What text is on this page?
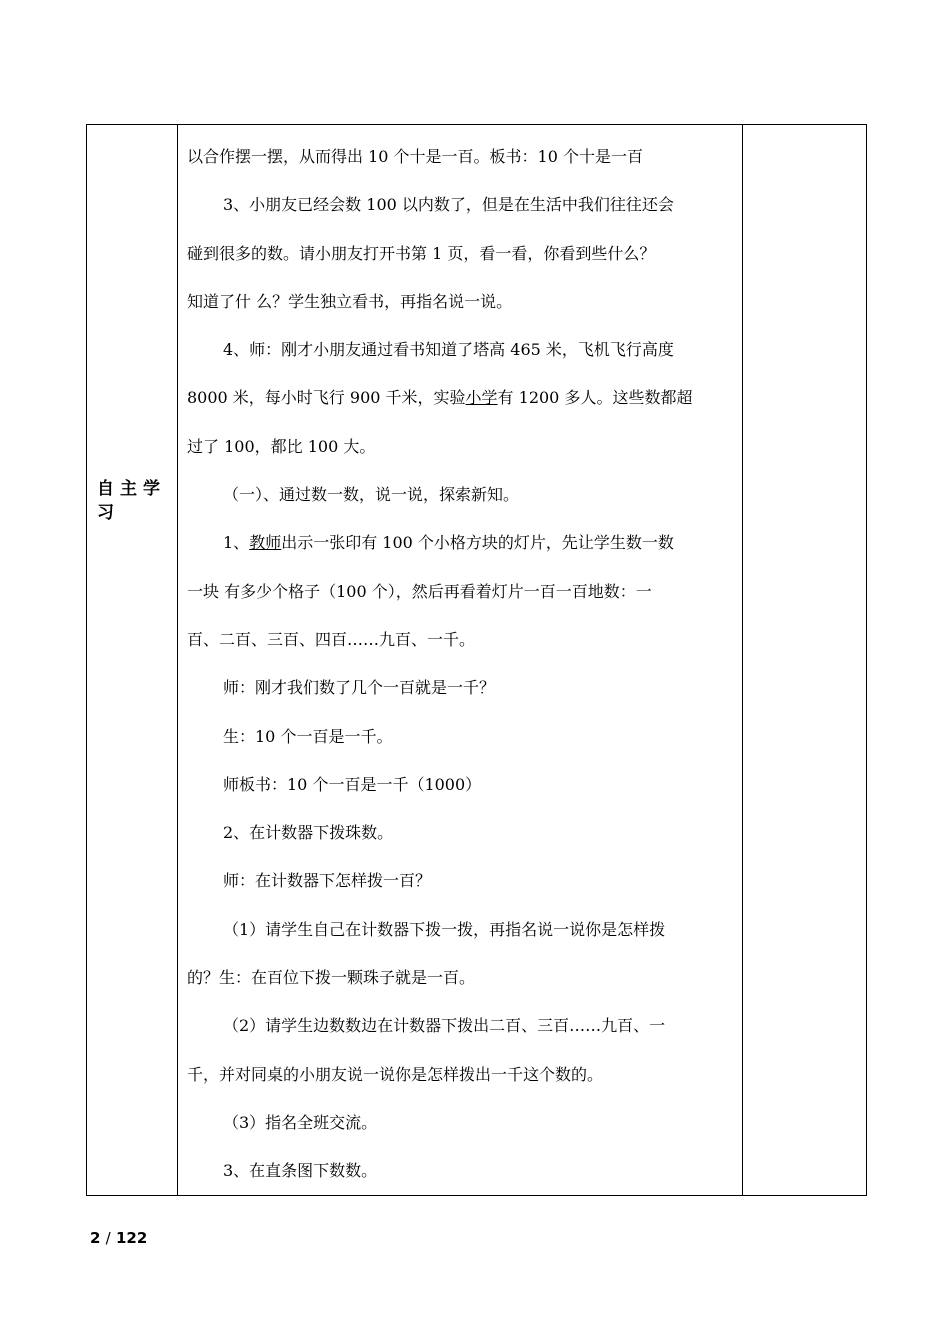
自主学习
以合作摆一摆，从而得出 10 个十是一百。板书：10 个十是一百
3、小朋友已经会数 100 以内数了，但是在生活中我们往往还会
碰到很多的数。请小朋友打开书第 1 页，看一看，你看到些什么？
知道了什 么？学生独立看书，再指名说一说。
4、师：刚才小朋友通过看书知道了塔高 465 米，飞机飞行高度
8000 米，每小时飞行 900 千米，实验小学有 1200 多人。这些数都超
过了 100，都比 100 大。
（一）、通过数一数，说一说，探索新知。
1、教师出示一张印有 100 个小格方块的灯片，先让学生数一数
一块 有多少个格子（100 个），然后再看着灯片一百一百地数：一
百、二百、三百、四百……九百、一千。
师：刚才我们数了几个一百就是一千？
生：10 个一百是一千。
师板书：10 个一百是一千（1000）
2、在计数器下拨珠数。
师：在计数器下怎样拨一百？
（1）请学生自己在计数器下拨一拨，再指名说一说你是怎样拨
的？生：在百位下拨一颗珠子就是一百。
（2）请学生边数数边在计数器下拨出二百、三百……九百、一
千，并对同桌的小朋友说一说你是怎样拨出一千这个数的。
（3）指名全班交流。
3、在直条图下数数。
2 / 122
